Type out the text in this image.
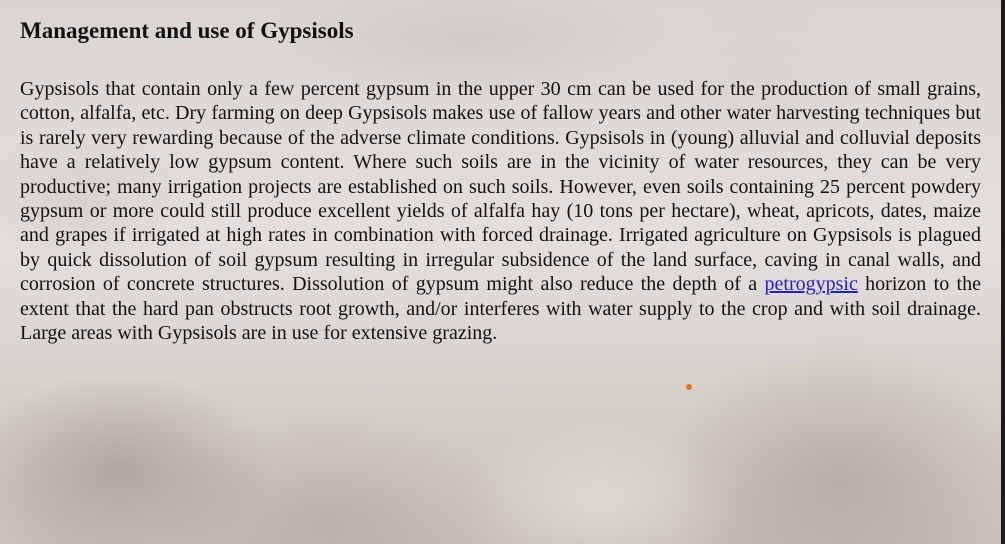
Management and use of Gypsisols

Gypsisols that contain only a few percent gypsum in the upper 30 cm can be used for the production of small grains, cotton, alfalfa, etc. Dry farming on deep Gypsisols makes use of fallow years and other water harvesting techniques but is rarely very rewarding because of the adverse climate conditions. Gypsisols in (young) alluvial and colluvial deposits have a relatively low gypsum content. Where such soils are in the vicinity of water resources, they can be very productive; many irrigation projects are established on such soils. However, even soils containing 25 percent powdery gypsum or more could still produce excellent yields of alfalfa hay (10 tons per hectare), wheat, apricots, dates, maize and grapes if irrigated at high rates in combination with forced drainage. Irrigated agriculture on Gypsisols is plagued by quick dissolution of soil gypsum resulting in irregular subsidence of the land surface, caving in canal walls, and corrosion of concrete structures. Dissolution of gypsum might also reduce the depth of a petrogypsic horizon to the extent that the hard pan obstructs root growth, and/or interferes with water supply to the crop and with soil drainage. Large areas with Gypsisols are in use for extensive grazing.
